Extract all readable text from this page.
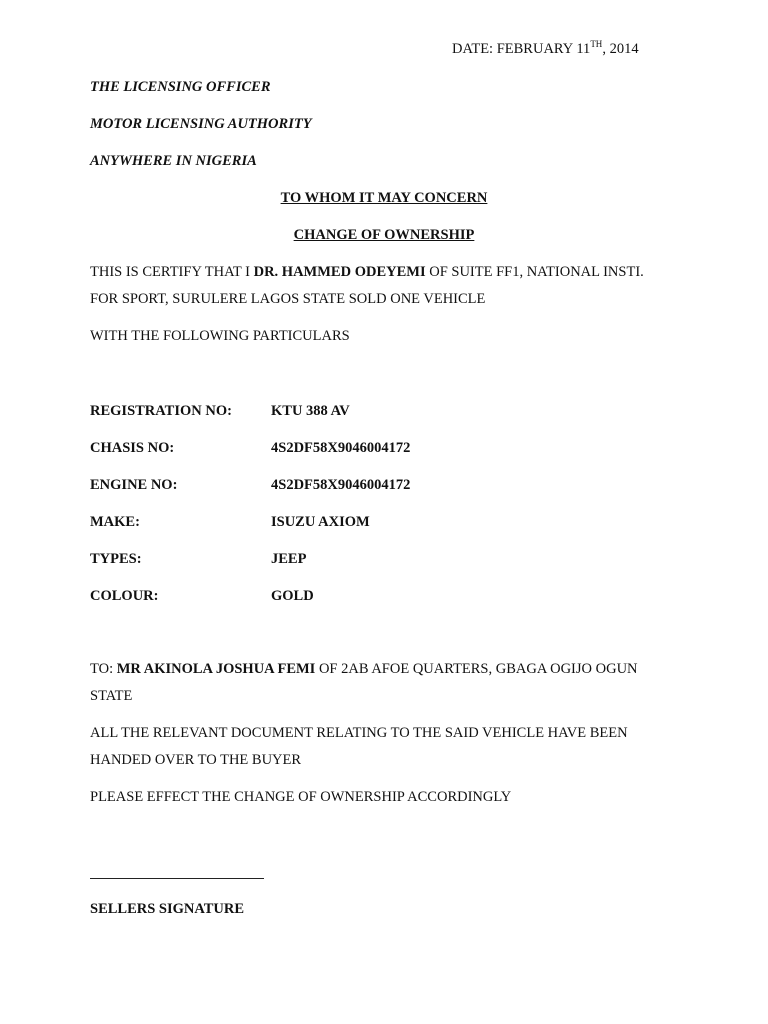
DATE: FEBRUARY 11TH, 2014
THE LICENSING OFFICER
MOTOR LICENSING AUTHORITY
ANYWHERE IN NIGERIA
TO WHOM IT MAY CONCERN
CHANGE OF OWNERSHIP
THIS IS CERTIFY THAT I DR. HAMMED ODEYEMI OF SUITE FF1, NATIONAL INSTI.
FOR SPORT, SURULERE LAGOS STATE SOLD ONE VEHICLE
WITH THE FOLLOWING PARTICULARS
REGISTRATION NO:	KTU 388 AV
CHASIS NO:	4S2DF58X9046004172
ENGINE NO:	4S2DF58X9046004172
MAKE:	ISUZU AXIOM
TYPES:	JEEP
COLOUR:	GOLD
TO: MR AKINOLA JOSHUA FEMI OF 2AB AFOE QUARTERS, GBAGA OGIJO OGUN
STATE
ALL THE RELEVANT DOCUMENT RELATING TO THE SAID VEHICLE HAVE BEEN
HANDED OVER TO THE BUYER
PLEASE EFFECT THE CHANGE OF OWNERSHIP ACCORDINGLY
SELLERS SIGNATURE
